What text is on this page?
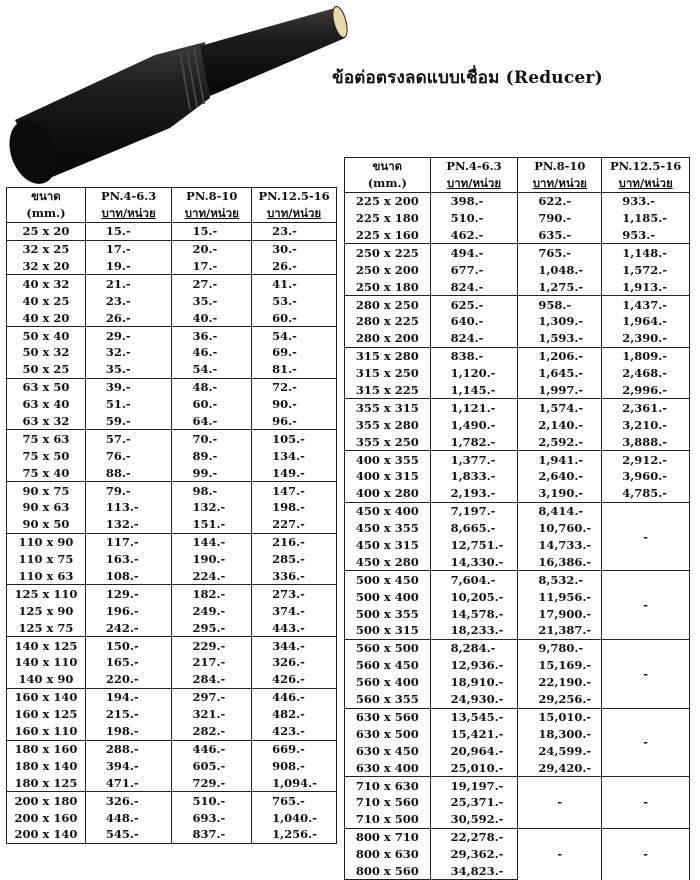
ข้อต่อตรงลดแบบเชื่อม (Reducer)
ขนาด	PN.4-6.3	PN.8-10	PN.12.5-16
(mm.)	บาท/หน่วย	บาท/หน่วย	บาท/หน่วย
25 x 20	15.-	15.-	23.-
32 x 25	17.-	20.-	30.-
32 x 20	19.-	17.-	26.-
40 x 32	21.-	27.-	41.-
40 x 25	23.-	35.-	53.-
40 x 20	26.-	40.-	60.-
50 x 40	29.-	36.-	54.-
50 x 32	32.-	46.-	69.-
50 x 25	35.-	54.-	81.-
63 x 50	39.-	48.-	72.-
63 x 40	51.-	60.-	90.-
63 x 32	59.-	64.-	96.-
75 x 63	57.-	70.-	105.-
75 x 50	76.-	89.-	134.-
75 x 40	88.-	99.-	149.-
90 x 75	79.-	98.-	147.-
90 x 63	113.-	132.-	198.-
90 x 50	132.-	151.-	227.-
110 x 90	117.-	144.-	216.-
110 x 75	163.-	190.-	285.-
110 x 63	108.-	224.-	336.-
125 x 110	129.-	182.-	273.-
125 x 90	196.-	249.-	374.-
125 x 75	242.-	295.-	443.-
140 x 125	150.-	229.-	344.-
140 x 110	165.-	217.-	326.-
140 x 90	220.-	284.-	426.-
160 x 140	194.-	297.-	446.-
160 x 125	215.-	321.-	482.-
160 x 110	198.-	282.-	423.-
180 x 160	288.-	446.-	669.-
180 x 140	394.-	605.-	908.-
180 x 125	471.-	729.-	1,094.-
200 x 180	326.-	510.-	765.-
200 x 160	448.-	693.-	1,040.-
200 x 140	545.-	837.-	1,256.-
ขนาด	PN.4-6.3	PN.8-10	PN.12.5-16
(mm.)	บาท/หน่วย	บาท/หน่วย	บาท/หน่วย
225 x 200	398.-	622.-	933.-
225 x 180	510.-	790.-	1,185.-
225 x 160	462.-	635.-	953.-
250 x 225	494.-	765.-	1,148.-
250 x 200	677.-	1,048.-	1,572.-
250 x 180	824.-	1,275.-	1,913.-
280 x 250	625.-	958.-	1,437.-
280 x 225	640.-	1,309.-	1,964.-
280 x 200	824.-	1,593.-	2,390.-
315 x 280	838.-	1,206.-	1,809.-
315 x 250	1,120.-	1,645.-	2,468.-
315 x 225	1,145.-	1,997.-	2,996.-
355 x 315	1,121.-	1,574.-	2,361.-
355 x 280	1,490.-	2,140.-	3,210.-
355 x 250	1,782.-	2,592.-	3,888.-
400 x 355	1,377.-	1,941.-	2,912.-
400 x 315	1,833.-	2,640.-	3,960.-
400 x 280	2,193.-	3,190.-	4,785.-
450 x 400	7,197.-	8,414.-	-
450 x 355	8,665.-	10,760.-	
450 x 315	12,751.-	14,733.-	
450 x 280	14,330.-	16,386.-	
500 x 450	7,604.-	8,532.-	-
500 x 400	10,205.-	11,956.-	
500 x 355	14,578.-	17,900.-	
500 x 315	18,233.-	21,387.-	
560 x 500	8,284.-	9,780.-	-
560 x 450	12,936.-	15,169.-	
560 x 400	18,910.-	22,190.-	
560 x 355	24,930.-	29,256.-	
630 x 560	13,545.-	15,010.-	-
630 x 500	15,421.-	18,300.-	
630 x 450	20,964.-	24,599.-	
630 x 400	25,010.-	29,420.-	
710 x 630	19,197.-	-	-
710 x 560	25,371.-		
710 x 500	30,592.-		
800 x 710	22,278.-	-	-
800 x 630	29,362.-		
800 x 560	34,823.-		
